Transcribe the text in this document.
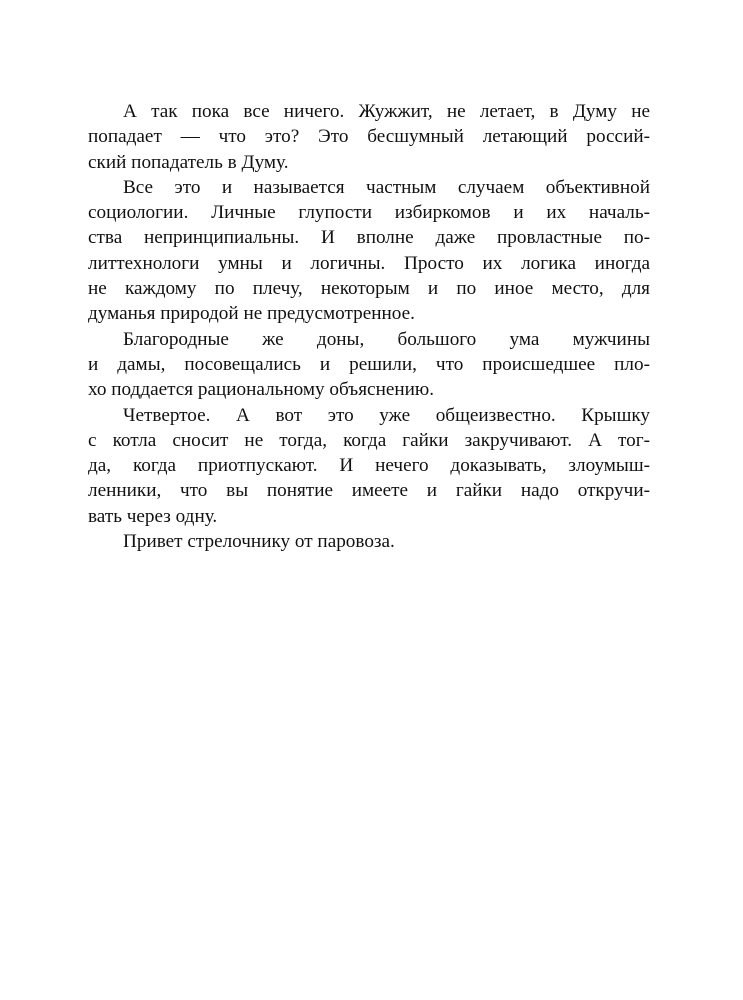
А так пока все ничего. Жужжит, не летает, в Думу не
попадает — что это? Это бесшумный летающий россий-
ский попадатель в Думу.
Все это и называется частным случаем объективной
социологии. Личные глупости избиркомов и их началь-
ства непринципиальны. И вполне даже провластные по-
литтехнологи умны и логичны. Просто их логика иногда
не каждому по плечу, некоторым и по иное место, для
думанья природой не предусмотренное.
Благородные же доны, большого ума мужчины
и дамы, посовещались и решили, что происшедшее пло-
хо поддается рациональному объяснению.
Четвертое. А вот это уже общеизвестно. Крышку
с котла сносит не тогда, когда гайки закручивают. А тог-
да, когда приотпускают. И нечего доказывать, злоумыш-
ленники, что вы понятие имеете и гайки надо откручи-
вать через одну.
Привет стрелочнику от паровоза.
